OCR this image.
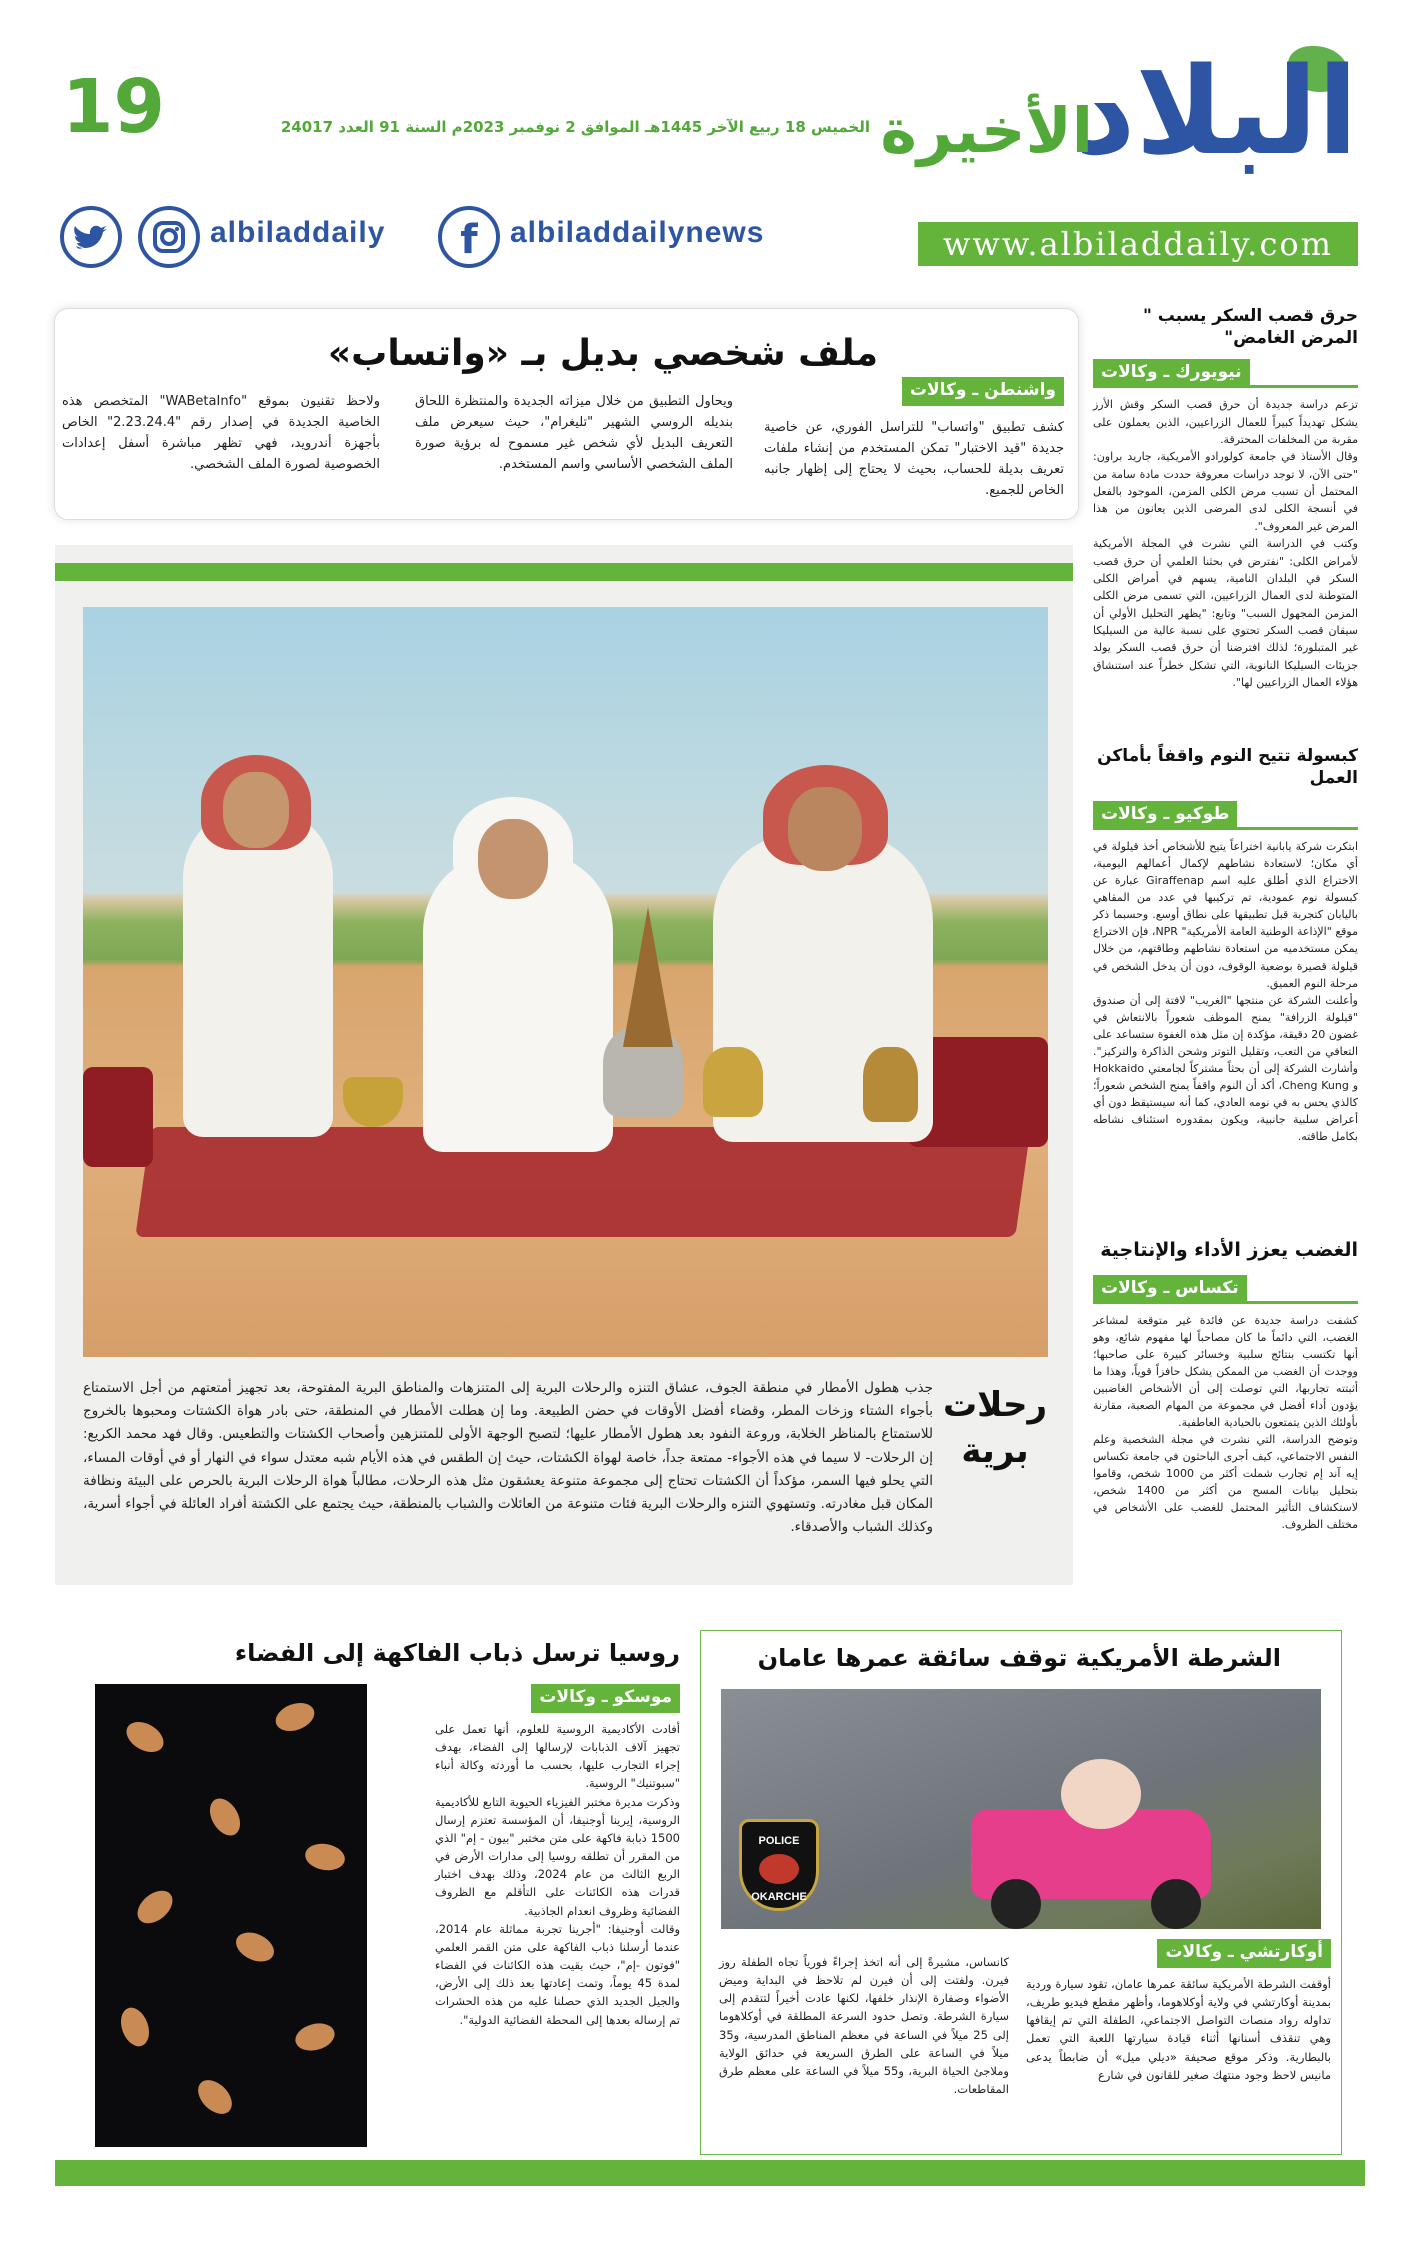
البلاد
الأخيرة
19	الخميس 18 ربيع الآخر 1445هـ الموافق 2 نوفمبر 2023م السنة 91 العدد 24017
www.albiladdaily.com
f albiladdailynews
albiladdaily
ملف شخصي بديل بـ «واتساب»
واشنطن ـ وكالات
كشف تطبيق "واتساب" للتراسل الفوري، عن خاصية جديدة "قيد الاختبار" تمكن المستخدم من إنشاء ملفات تعريف بديلة للحساب، بحيث لا يحتاج إلى إظهار جانبه الخاص للجميع.
ويحاول التطبيق من خلال ميزاته الجديدة والمنتظرة اللحاق بنديله الروسي الشهير "تليغرام"، حيث سيعرض ملف التعريف البديل لأي شخص غير مسموح له برؤية صورة الملف الشخصي الأساسي واسم المستخدم.
ولاحظ تقنيون بموقع "WABetaInfo" المتخصص هذه الخاصية الجديدة في إصدار رقم "2.23.24.4" الخاص بأجهزة أندرويد، فهي تظهر مباشرة أسفل إعدادات الخصوصية لصورة الملف الشخصي.
حرق قصب السكر يسبب " المرض الغامض"
نيويورك ـ وكالات
تزعم دراسة جديدة أن حرق قصب السكر وقش الأرز يشكل تهديداً كبيراً للعمال الزراعيين، الذين يعملون على مقربة من المخلفات المحترقة.
وقال الأستاذ في جامعة كولورادو الأمريكية، جاريد براون: "حتى الآن، لا توجد دراسات معروفة حددت مادة سامة من المحتمل أن تسبب مرض الكلى المزمن، الموجود بالفعل في أنسجة الكلى لدى المرضى الذين يعانون من هذا المرض غير المعروف".
وكتب في الدراسة التي نشرت في المجلة الأمريكية لأمراض الكلى: "نفترض في بحثنا العلمي أن حرق قصب السكر في البلدان النامية، يسهم في أمراض الكلى المتوطنة لدى العمال الزراعيين، التي تسمى مرض الكلى المزمن المجهول السبب" وتابع: "يظهر التحليل الأولي أن سيقان قصب السكر تحتوي على نسبة عالية من السيليكا غير المتبلورة؛ لذلك افترضنا أن حرق قصب السكر يولد جزيئات السيليكا النانوية، التي تشكل خطراً عند استنشاق هؤلاء العمال الزراعيين لها".
كبسولة تتيح النوم واقفاً بأماكن العمل
طوكيو ـ وكالات
ابتكرت شركة يابانية اختراعاً يتيح للأشخاص أخذ قيلولة في أي مكان؛ لاستعادة نشاطهم لإكمال أعمالهم اليومية، الاختراع الذي أطلق عليه اسم Giraffenap عبارة عن كبسولة نوم عمودية، تم تركيبها في عدد من المقاهي باليابان كتجربة قبل تطبيقها على نطاق أوسع. وحسبما ذكر موقع "الإذاعة الوطنية العامة الأمريكية" NPR، فإن الاختراع يمكن مستخدميه من استعادة نشاطهم وطاقتهم، من خلال قيلولة قصيرة بوضعية الوقوف، دون أن يدخل الشخص في مرحلة النوم العميق.
وأعلنت الشركة عن منتجها "الغريب" لافتة إلى أن صندوق "قيلولة الزرافة" يمنح الموظف شعوراً بالانتعاش في غضون 20 دقيقة، مؤكدة إن مثل هذه الغفوة ستساعد على التعافي من التعب، وتقليل التوتر وشحن الذاكرة والتركيز". وأشارت الشركة إلى أن بحثاً مشتركاً لجامعتي Hokkaido و Cheng Kung، أكد أن النوم واقفاً يمنح الشخص شعوراً؛ كالذي يحس به في نومه العادي، كما أنه سيستيقظ دون أي أعراض سلبية جانبية، ويكون بمقدوره استئناف نشاطه بكامل طاقته.
الغضب يعزز الأداء والإنتاجية
تكساس ـ وكالات
كشفت دراسة جديدة عن فائدة غير متوقعة لمشاعر الغضب، التي دائماً ما كان مصاحباً لها مفهوم شائع، وهو أنها تكتسب بنتائج سلبية وخسائر كبيرة على صاحبها؛ ووجدت أن الغضب من الممكن يشكل حافزاً قوياً، وهذا ما أثبتته تجاربها، التي توصلت إلى أن الأشخاص الغاضبين يؤدون أداء أفضل في مجموعة من المهام الصعبة، مقارنة بأولئك الذين يتمتعون بالحيادية العاطفية.
وتوضح الدراسة، التي نشرت في مجلة الشخصية وعلم النفس الاجتماعي، كيف أجرى الباحثون في جامعة تكساس إيه آند إم تجارب شملت أكثر من 1000 شخص، وقاموا بتحليل بيانات المسح من أكثر من 1400 شخص، لاستكشاف التأثير المحتمل للغضب على الأشخاص في مختلف الظروف.
رحلات
برية
جذب هطول الأمطار في منطقة الجوف، عشاق التنزه والرحلات البرية إلى المتنزهات والمناطق البرية المفتوحة، بعد تجهيز أمتعتهم من أجل الاستمتاع بأجواء الشتاء وزخات المطر، وقضاء أفضل الأوقات في حضن الطبيعة. وما إن هطلت الأمطار في المنطقة، حتى بادر هواة الكشتات ومحبوها بالخروج للاستمتاع بالمناظر الخلابة، وروعة النفود بعد هطول الأمطار عليها؛ لتصبح الوجهة الأولى للمتنزهين وأصحاب الكشتات والتطعيس. وقال فهد محمد الكريع: إن الرحلات- لا سيما في هذه الأجواء- ممتعة جداً، خاصة لهواة الكشتات، حيث إن الطقس في هذه الأيام شبه معتدل سواء في النهار أو في أوقات المساء، التي يحلو فيها السمر، مؤكداً أن الكشتات تحتاج إلى مجموعة متنوعة يعشقون مثل هذه الرحلات، مطالباً هواة الرحلات البرية بالحرص على البيئة ونظافة المكان قبل مغادرته. وتستهوي التنزه والرحلات البرية فئات متنوعة من العائلات والشباب بالمنطقة، حيث يجتمع على الكشتة أفراد العائلة في أجواء أسرية، وكذلك الشباب والأصدقاء.
الشرطة الأمريكية توقف سائقة عمرها عامان
POLICE
OKARCHE
أوكارتشي ـ وكالات
أوقفت الشرطة الأمريكية سائقة عمرها عامان، تقود سيارة وردية بمدينة أوكارتشي في ولاية أوكلاهوما، وأظهر مقطع فيديو طريف، تداوله رواد منصات التواصل الاجتماعي، الطفلة التي تم إيقافها وهي تنقذف أسنانها أثناء قيادة سيارتها اللعبة التي تعمل بالبطارية. وذكر موقع صحيفة «ديلي ميل» أن ضابطاً يدعى مانيس لاحظ وجود منتهك صغير للقانون في شارع
كانساس، مشيرةً إلى أنه اتخذ إجراءً فورياً تجاه الطفلة روز فيرن. ولفتت إلى أن فيرن لم تلاحظ في البداية وميض الأضواء وصفارة الإنذار خلفها، لكنها عادت أخيراً لتتقدم إلى سيارة الشرطة. وتصل حدود السرعة المطلقة في أوكلاهوما إلى 25 ميلاً في الساعة في معظم المناطق المدرسية، و35 ميلاً في الساعة على الطرق السريعة في حدائق الولاية وملاجئ الحياة البرية، و55 ميلاً في الساعة على معظم طرق المقاطعات.
روسيا ترسل ذباب الفاكهة إلى الفضاء
موسكو ـ وكالات
أفادت الأكاديمية الروسية للعلوم، أنها تعمل على تجهيز آلاف الذبابات لإرسالها إلى الفضاء، بهدف إجراء التجارب عليها، بحسب ما أوردته وكالة أنباء "سبوتنيك" الروسية.
وذكرت مديرة مختبر الفيزياء الحيوية التابع للأكاديمية الروسية، إيرينا أوجنيفا، أن المؤسسة تعتزم إرسال 1500 ذبابة فاكهة على متن مختبر "بيون - إم" الذي من المقرر أن تطلقه روسيا إلى مدارات الأرض في الربع الثالث من عام 2024، وذلك بهدف اختبار قدرات هذه الكائنات على التأقلم مع الظروف الفضائية وظروف انعدام الجاذبية.
وقالت أوجنيفا: "أجرينا تجربة مماثلة عام 2014، عندما أرسلنا ذباب الفاكهة على متن القمر العلمي "فوتون -إم"، حيث بقيت هذه الكائنات في الفضاء لمدة 45 يوماً، وتمت إعادتها بعد ذلك إلى الأرض، والجيل الجديد الذي حصلنا عليه من هذه الحشرات تم إرساله بعدها إلى المحطة الفضائية الدولية".
